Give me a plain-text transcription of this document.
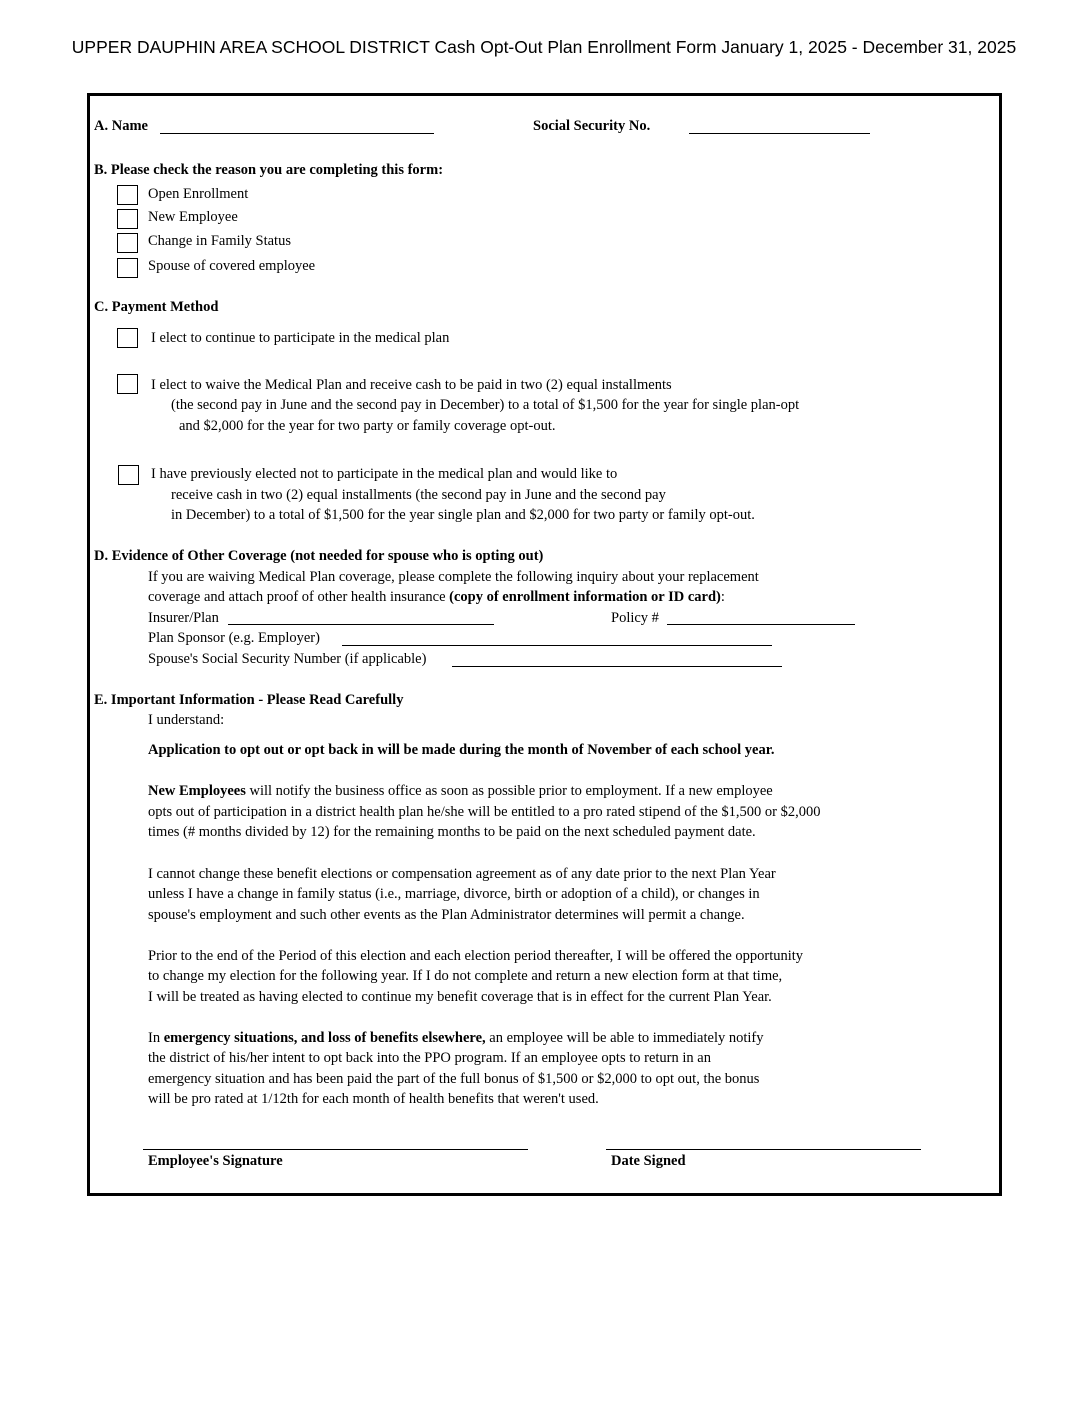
UPPER DAUPHIN AREA SCHOOL DISTRICT Cash Opt-Out Plan Enrollment Form January 1, 2025 - December 31, 2025
A. Name	Social Security No.
B. Please check the reason you are completing this form:
Open Enrollment
New Employee
Change in Family Status
Spouse of covered employee
C. Payment Method
I elect to continue to participate in the medical plan
I elect to waive the Medical Plan and receive cash to be paid in two (2) equal installments
(the second pay in June and the second pay in December) to a total of $1,500 for the year for single plan-opt
and $2,000 for the year for two party or family coverage opt-out.
I have previously elected not to participate in the medical plan and would like to
receive cash in two (2) equal installments (the second pay in June and the second pay
in December) to a total of $1,500 for the year single plan and $2,000 for two party or family opt-out.
D. Evidence of Other Coverage (not needed for spouse who is opting out)
If you are waiving Medical Plan coverage, please complete the following inquiry about your replacement
coverage and attach proof of other health insurance (copy of enrollment information or ID card):
Insurer/Plan	Policy #
Plan Sponsor (e.g. Employer)
Spouse's Social Security Number (if applicable)
E. Important Information - Please Read Carefully
I understand:
Application to opt out or opt back in will be made during the month of November of each school year.
New Employees will notify the business office as soon as possible prior to employment. If a new employee
opts out of participation in a district health plan he/she will be entitled to a pro rated stipend of the $1,500 or $2,000
times (# months divided by 12) for the remaining months to be paid on the next scheduled payment date.
I cannot change these benefit elections or compensation agreement as of any date prior to the next Plan Year
unless I have a change in family status (i.e., marriage, divorce, birth or adoption of a child), or changes in
spouse's employment and such other events as the Plan Administrator determines will permit a change.
Prior to the end of the Period of this election and each election period thereafter, I will be offered the opportunity
to change my election for the following year. If I do not complete and return a new election form at that time,
I will be treated as having elected to continue my benefit coverage that is in effect for the current Plan Year.
In emergency situations, and loss of benefits elsewhere, an employee will be able to immediately notify
the district of his/her intent to opt back into the PPO program. If an employee opts to return in an
emergency situation and has been paid the part of the full bonus of $1,500 or $2,000 to opt out, the bonus
will be pro rated at 1/12th for each month of health benefits that weren't used.
Employee's Signature	Date Signed
